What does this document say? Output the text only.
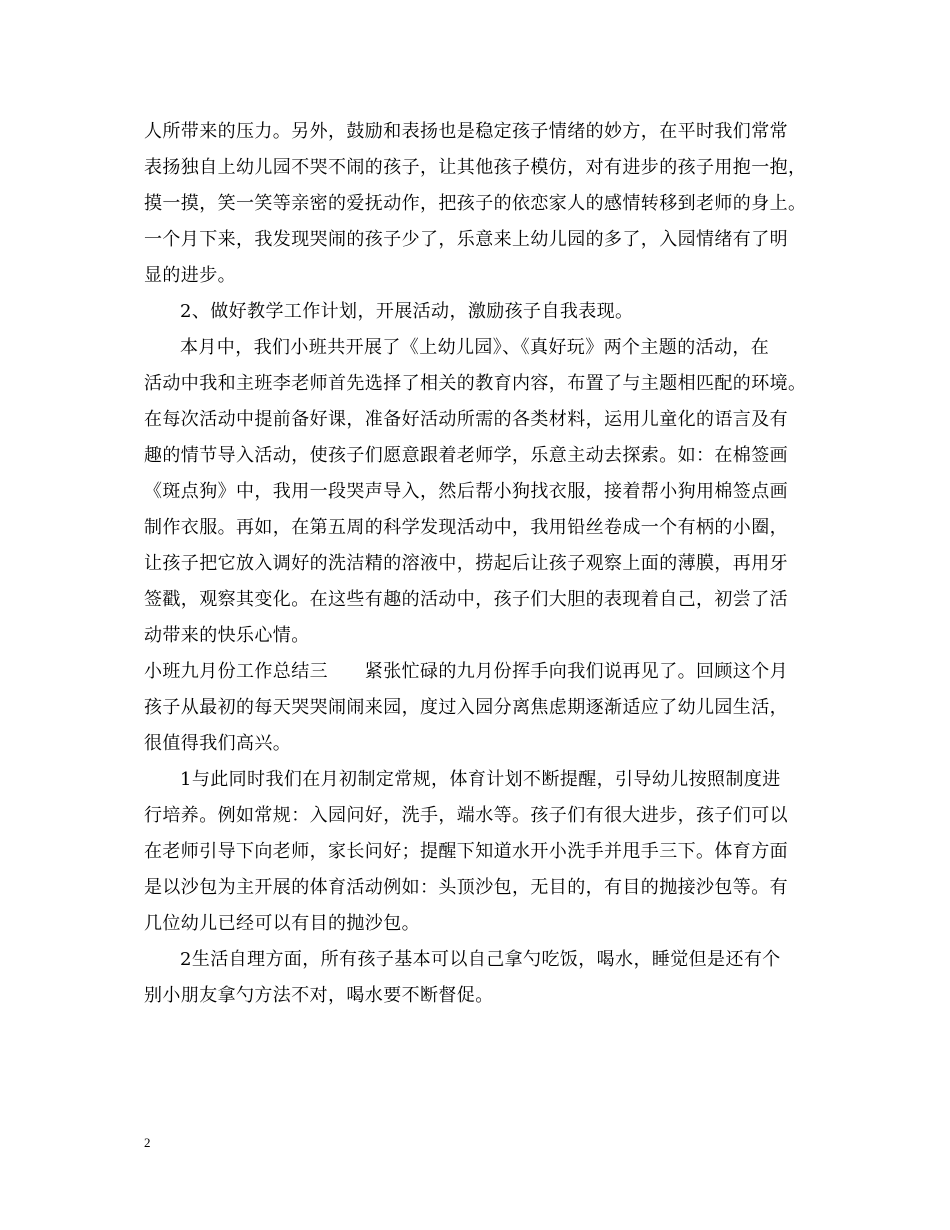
人所带来的压力。另外，鼓励和表扬也是稳定孩子情绪的妙方，在平时我们常常
表扬独自上幼儿园不哭不闹的孩子，让其他孩子模仿，对有进步的孩子用抱一抱，
摸一摸，笑一笑等亲密的爱抚动作，把孩子的依恋家人的感情转移到老师的身上。
一个月下来，我发现哭闹的孩子少了，乐意来上幼儿园的多了，入园情绪有了明
显的进步。
2、做好教学工作计划，开展活动，激励孩子自我表现。
本月中，我们小班共开展了《上幼儿园》、《真好玩》两个主题的活动，在
活动中我和主班李老师首先选择了相关的教育内容，布置了与主题相匹配的环境。
在每次活动中提前备好课，准备好活动所需的各类材料，运用儿童化的语言及有
趣的情节导入活动，使孩子们愿意跟着老师学，乐意主动去探索。如：在棉签画
《斑点狗》中，我用一段哭声导入，然后帮小狗找衣服，接着帮小狗用棉签点画
制作衣服。再如，在第五周的科学发现活动中，我用铅丝卷成一个有柄的小圈，
让孩子把它放入调好的洗洁精的溶液中，捞起后让孩子观察上面的薄膜，再用牙
签戳，观察其变化。在这些有趣的活动中，孩子们大胆的表现着自己，初尝了活
动带来的快乐心情。
小班九月份工作总结三　　紧张忙碌的九月份挥手向我们说再见了。回顾这个月
孩子从最初的每天哭哭闹闹来园，度过入园分离焦虑期逐渐适应了幼儿园生活，
很值得我们高兴。
1与此同时我们在月初制定常规，体育计划不断提醒，引导幼儿按照制度进
行培养。例如常规：入园问好，洗手，端水等。孩子们有很大进步，孩子们可以
在老师引导下向老师，家长问好；提醒下知道水开小洗手并甩手三下。体育方面
是以沙包为主开展的体育活动例如：头顶沙包，无目的，有目的抛接沙包等。有
几位幼儿已经可以有目的抛沙包。
2生活自理方面，所有孩子基本可以自己拿勺吃饭，喝水，睡觉但是还有个
别小朋友拿勺方法不对，喝水要不断督促。
2
